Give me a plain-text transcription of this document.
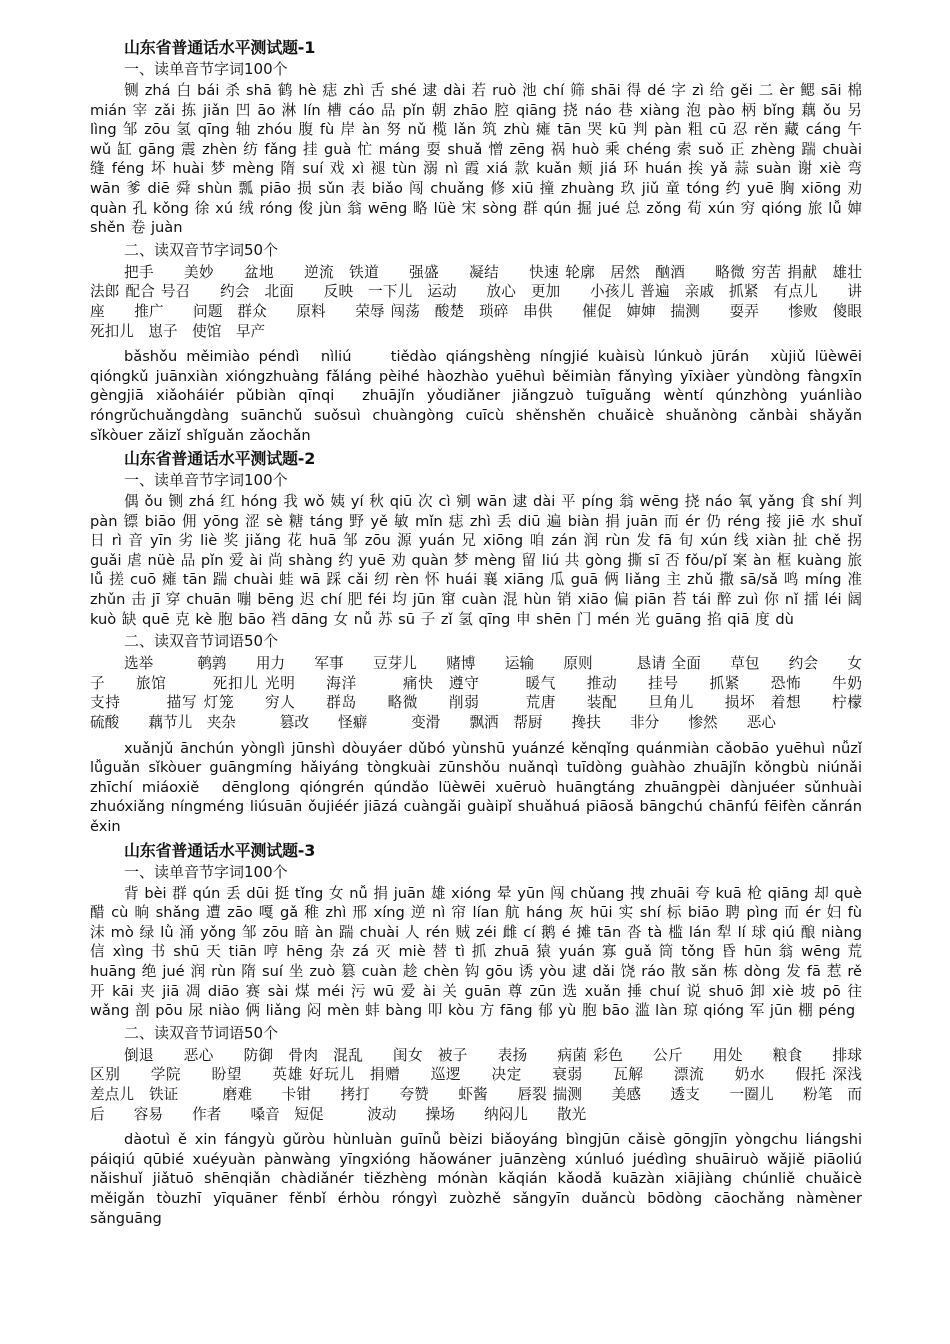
山东省普通话水平测试题-1
一、读单音节字词100个
铡 zhá 白 bái 杀 shā 鹤 hè 痣 zhì 舌 shé 逮 dài 若 ruò 池 chí 筛 shāi 得 dé 字 zì 给 gěi 二 èr 鳃 sāi 棉 mián 宰 zǎi 拣 jiǎn 凹 āo 淋 lín 槽 cáo 品 pǐn 朝 zhāo 腔 qiāng 挠 náo 巷 xiàng 泡 pào 柄 bǐng 藕 ǒu 另 lìng 邹 zōu 氢 qīng 轴 zhóu 腹 fù 岸 àn 努 nǔ 榄 lǎn 筑 zhù 瘫 tān 哭 kū 判 pàn 粗 cū 忍 rěn 藏 cáng 午 wǔ 缸 gāng 震 zhèn 纺 fǎng 挂 guà 忙 máng 耍 shuǎ 憎 zēng 祸 huò 乘 chéng 索 suǒ 正 zhèng 踹 chuài 缝 féng 坏 huài 梦 mèng 隋 suí 戏 xì 褪 tùn 溺 nì 霞 xiá 款 kuǎn 颊 jiá 环 huán 挨 yǎ 蒜 suàn 谢 xiè 弯 wān 爹 diē 舜 shùn 瓢 piāo 损 sǔn 表 biǎo 闯 chuǎng 修 xiū 撞 zhuàng 玖 jiǔ 童 tóng 约 yuē 胸 xiōng 劝 quàn 孔 kǒng 徐 xú 绒 róng 俊 jùn 翁 wēng 略 lüè 宋 sòng 群 qún 掘 jué 总 zǒng 荀 xún 穷 qióng 旅 lǚ 婶 shěn 卷 juàn
二、读双音节字词50个
把手　　美妙　　盆地　　逆流　铁道　　强盛　　凝结　　快速 轮廓　居然　酗酒　　略微 穷苦 捐献　雄壮　　　法郎 配合 号召　　约会　北面　　反映　一下儿　运动　　放心　更加　　小孩儿 普遍　亲戚　抓紧　有点儿　　讲座　　推广　　问题　群众　　原料　　荣辱 闯荡　酸楚　琐碎　串供　　催促　婶婶　揣测　　耍弄　　惨败　傻眼 死扣儿　崽子　使馆　早产
bǎshǒu měimiào péndì　nìliú　　tiědào qiángshèng níngjié kuàisù lúnkuò jūrán　xùjiǔ lüèwēi qióngkǔ juānxiàn xióngzhuàng fǎláng pèihé hàozhào yuēhuì běimiàn fǎnyìng yīxiàer yùndòng fàngxīn gèngjiā xiǎoháiér pǔbiàn qīnqi　zhuājǐn yǒudiǎner jiǎngzuò tuīguǎng wèntí qúnzhòng yuánliào róngrǔchuǎngdàng suānchǔ suǒsuì chuàngòng cuīcù shěnshěn chuǎicè shuǎnòng cǎnbài shǎyǎn sǐkòuer zǎizǐ shǐguǎn zǎochǎn
山东省普通话水平测试题-2
一、读单音节字词100个
偶 ǒu 铡 zhá 红 hóng 我 wǒ 姨 yí 秋 qiū 次 cì 剜 wān 逮 dài 平 píng 翁 wēng 挠 náo 氧 yǎng 食 shí 判 pàn 镖 biāo 佣 yōng 涩 sè 糖 táng 野 yě 敏 mǐn 痣 zhì 丢 diū 遍 biàn 捐 juān 而 ér 仍 réng 接 jiē 水 shuǐ 日 rì 音 yīn 劣 liè 奖 jiǎng 花 huā 邹 zōu 源 yuán 兄 xiōng 咱 zán 润 rùn 发 fā 旬 xún 线 xiàn 扯 chě 拐 guǎi 虐 nüè 品 pǐn 爱 ài 尚 shàng 约 yuē 劝 quàn 梦 mèng 留 liú 共 gòng 撕 sī 否 fǒu/pǐ 案 àn 框 kuàng 旅 lǚ 搓 cuō 瘫 tān 踹 chuài 蛙 wā 踩 cǎi 纫 rèn 怀 huái 襄 xiāng 瓜 guā 俩 liǎng 主 zhǔ 撒 sā/sǎ 鸣 míng 准 zhǔn 击 jī 穿 chuān 嘣 bēng 迟 chí 肥 féi 均 jūn 窜 cuàn 混 hùn 销 xiāo 偏 piān 苔 tái 醉 zuì 你 nǐ 擂 léi 阔 kuò 缺 quē 克 kè 胞 bāo 裆 dāng 女 nǚ 苏 sū 子 zǐ 氢 qīng 申 shēn 门 mén 光 guāng 掐 qiā 度 dù
二、读双音节词语50个
选举　　　鹌鹑　　用力　　军事　　豆芽儿　　赌博　　运输　　原则　　　恳请 全面　　草包　　约会　　女子　　旅馆　　　死扣儿 光明　　海洋　　　痛快　遵守　　　暖气　　推动　　挂号　　抓紧　　恐怖　　牛奶　　支持　　　描写 灯笼　　穷人　　群岛　　略微　　削弱　　　荒唐　　装配　　旦角儿　　损坏　着想　　柠檬　　硫酸　　藕节儿　夹杂　　　篡改　　怪癖　　　变滑　　飘洒　帮厨　　搀扶　　非分　　惨然　　恶心
xuǎnjǔ ānchún yònglì jūnshì dòuyáer dǔbó yùnshū yuánzé kěnqǐng quánmiàn cǎobāo yuēhuì nǚzǐ lǚguǎn sǐkòuer guāngmíng hǎiyáng tòngkuài zūnshǒu nuǎnqì tuīdòng guàhào zhuājǐn kǒngbù niúnǎi zhīchí miáoxiě　dēnglong qióngrén qúndǎo lüèwēi xuēruò huāngtáng zhuāngpèi dànjuéer sǔnhuài zhuóxiǎng níngméng liúsuān ǒujiéér jiāzá cuàngǎi guàipǐ shuǎhuá piāosǎ bāngchú chānfú fēifèn cǎnrán ěxin
山东省普通话水平测试题-3
一、读单音节字词100个
背 bèi 群 qún 丢 dūi 挺 tǐng 女 nǚ 捐 juān 雄 xióng 晕 yūn 闯 chǔang 拽 zhuāi 夸 kuā 枪 qiāng 却 què 醋 cù 晌 shǎng 遭 zāo 嘎 gǎ 稚 zhì 邢 xíng 逆 nì 帘 lían 航 háng 灰 hūi 实 shí 标 biāo 聘 pìng 而 ér 妇 fù 沫 mò 绿 lǜ 涌 yǒng 邹 zōu 暗 àn 踹 chuài 人 rén 贼 zéi 雌 cí 鹅 é 摊 tān 沓 tà 槛 lán 犁 lí 球 qiú 酿 niàng 信 xìng 书 shū 天 tiān 哼 hēng 杂 zá 灭 miè 替 tì 抓 zhuā 猿 yuán 寡 guǎ 筒 tǒng 昏 hūn 翁 wēng 荒 huāng 绝 jué 润 rùn 隋 suí 坐 zuò 篡 cuàn 趁 chèn 钩 gōu 诱 yòu 逮 dǎi 饶 ráo 散 sǎn 栋 dòng 发 fā 惹 rě 开 kāi 夹 jiā 凋 diāo 赛 sài 煤 méi 污 wū 爱 ài 关 guān 尊 zūn 选 xuǎn 捶 chuí 说 shuō 卸 xiè 坡 pō 往 wǎng 剖 pōu 尿 niào 俩 liǎng 闷 mèn 蚌 bàng 叩 kòu 方 fāng 郁 yù 胞 bāo 滥 làn 琼 qióng 军 jūn 棚 péng
二、读双音节词语50个
倒退　　恶心　　防御　骨肉　混乱　　闺女　被子　　表扬　　病菌 彩色　　公斤　　用处　　粮食　　排球　　区别　　学院　　盼望　　英雄 好玩儿　捐赠　　巡逻　　决定　　衰弱　　瓦解　　漂流　　奶水　　假托 深浅　　差点儿　铁证　　　磨难　　卡钳　　拷打　　夸赞　　虾酱　　唇裂 揣测　　美感　　透支　　一圈儿　　粉笔　而后　　容易　　作者　　嗓音　短促　　　波动　　操场　　纳闷儿　　散光
dàotuì ě xin fángyù gǔròu hùnluàn guīnǚ bèizi biǎoyáng bìngjūn cǎisè gōngjīn yòngchu liángshi páiqiú qūbié xuéyuàn pànwàng yīngxióng hǎowáner juānzèng xúnluó juédìng shuāiruò wǎjiě piāoliú nǎishuǐ jiǎtuō shēnqiǎn chàdiǎnér tiězhèng mónàn kǎqián kǎodǎ kuāzàn xiājiàng chúnliě chuǎicè měigǎn tòuzhī yīquāner fěnbǐ érhòu róngyì zuòzhě sǎngyīn duǎncù bōdòng cāochǎng nàmèner sǎnguāng
